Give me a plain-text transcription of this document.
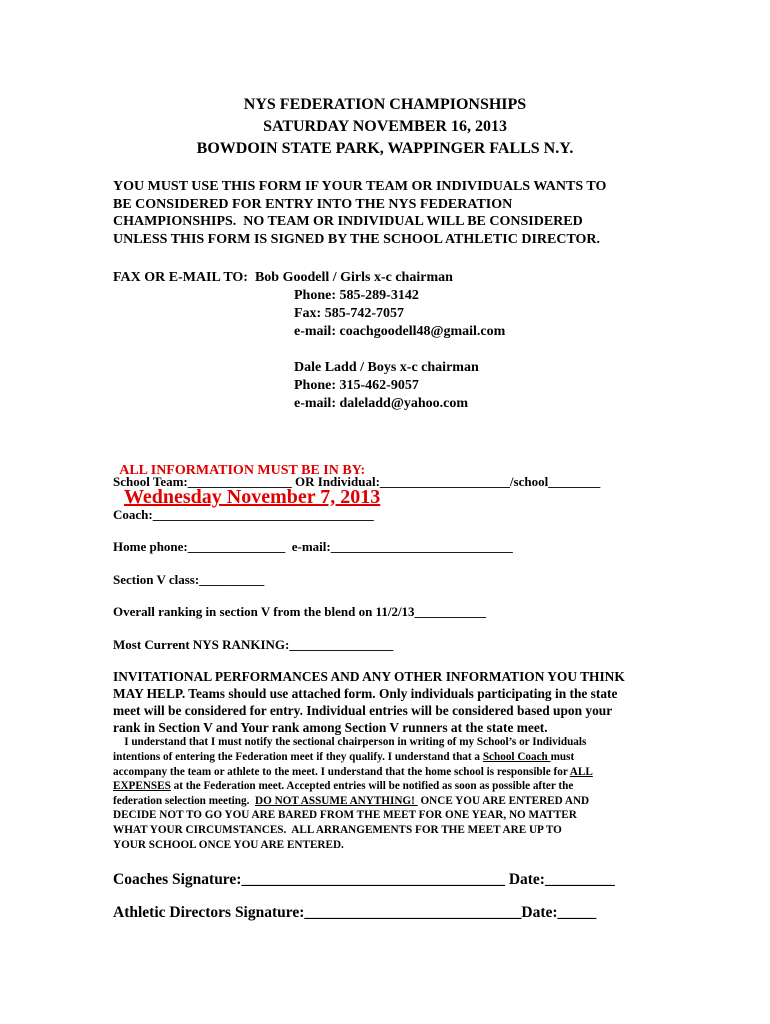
NYS FEDERATION CHAMPIONSHIPS
SATURDAY NOVEMBER 16, 2013
BOWDOIN STATE PARK, WAPPINGER FALLS N.Y.
YOU MUST USE THIS FORM IF YOUR TEAM OR INDIVIDUALS WANTS TO
BE CONSIDERED FOR ENTRY INTO THE NYS FEDERATION
CHAMPIONSHIPS.  NO TEAM OR INDIVIDUAL WILL BE CONSIDERED
UNLESS THIS FORM IS SIGNED BY THE SCHOOL ATHLETIC DIRECTOR.
FAX OR E-MAIL TO:  Bob Goodell / Girls x-c chairman
Phone: 585-289-3142
Fax: 585-742-7057
e-mail: coachgoodell48@gmail.com
Dale Ladd / Boys x-c chairman
Phone: 315-462-9057
e-mail: daleladd@yahoo.com

ALL INFORMATION MUST BE IN BY:
Wednesday November 7, 2013

School Team:________________ OR Individual:____________________/school________
Coach:__________________________________
Home phone:_______________  e-mail:____________________________
Section V class:__________
Overall ranking in section V from the blend on 11/2/13___________
Most Current NYS RANKING:________________
INVITATIONAL PERFORMANCES AND ANY OTHER INFORMATION YOU THINK
MAY HELP. Teams should use attached form. Only individuals participating in the state
meet will be considered for entry. Individual entries will be considered based upon your
rank in Section V and Your rank among Section V runners at the state meet.
I understand that I must notify the sectional chairperson in writing of my School’s or Individuals
intentions of entering the Federation meet if they qualify. I understand that a School Coach must
accompany the team or athlete to the meet. I understand that the home school is responsible for ALL
EXPENSES at the Federation meet. Accepted entries will be notified as soon as possible after the
federation selection meeting.  DO NOT ASSUME ANYTHING!  ONCE YOU ARE ENTERED AND
DECIDE NOT TO GO YOU ARE BARED FROM THE MEET FOR ONE YEAR, NO MATTER
WHAT YOUR CIRCUMSTANCES.  ALL ARRANGEMENTS FOR THE MEET ARE UP TO
YOUR SCHOOL ONCE YOU ARE ENTERED.
Coaches Signature:__________________________________ Date:_________
Athletic Directors Signature:____________________________Date:_____
